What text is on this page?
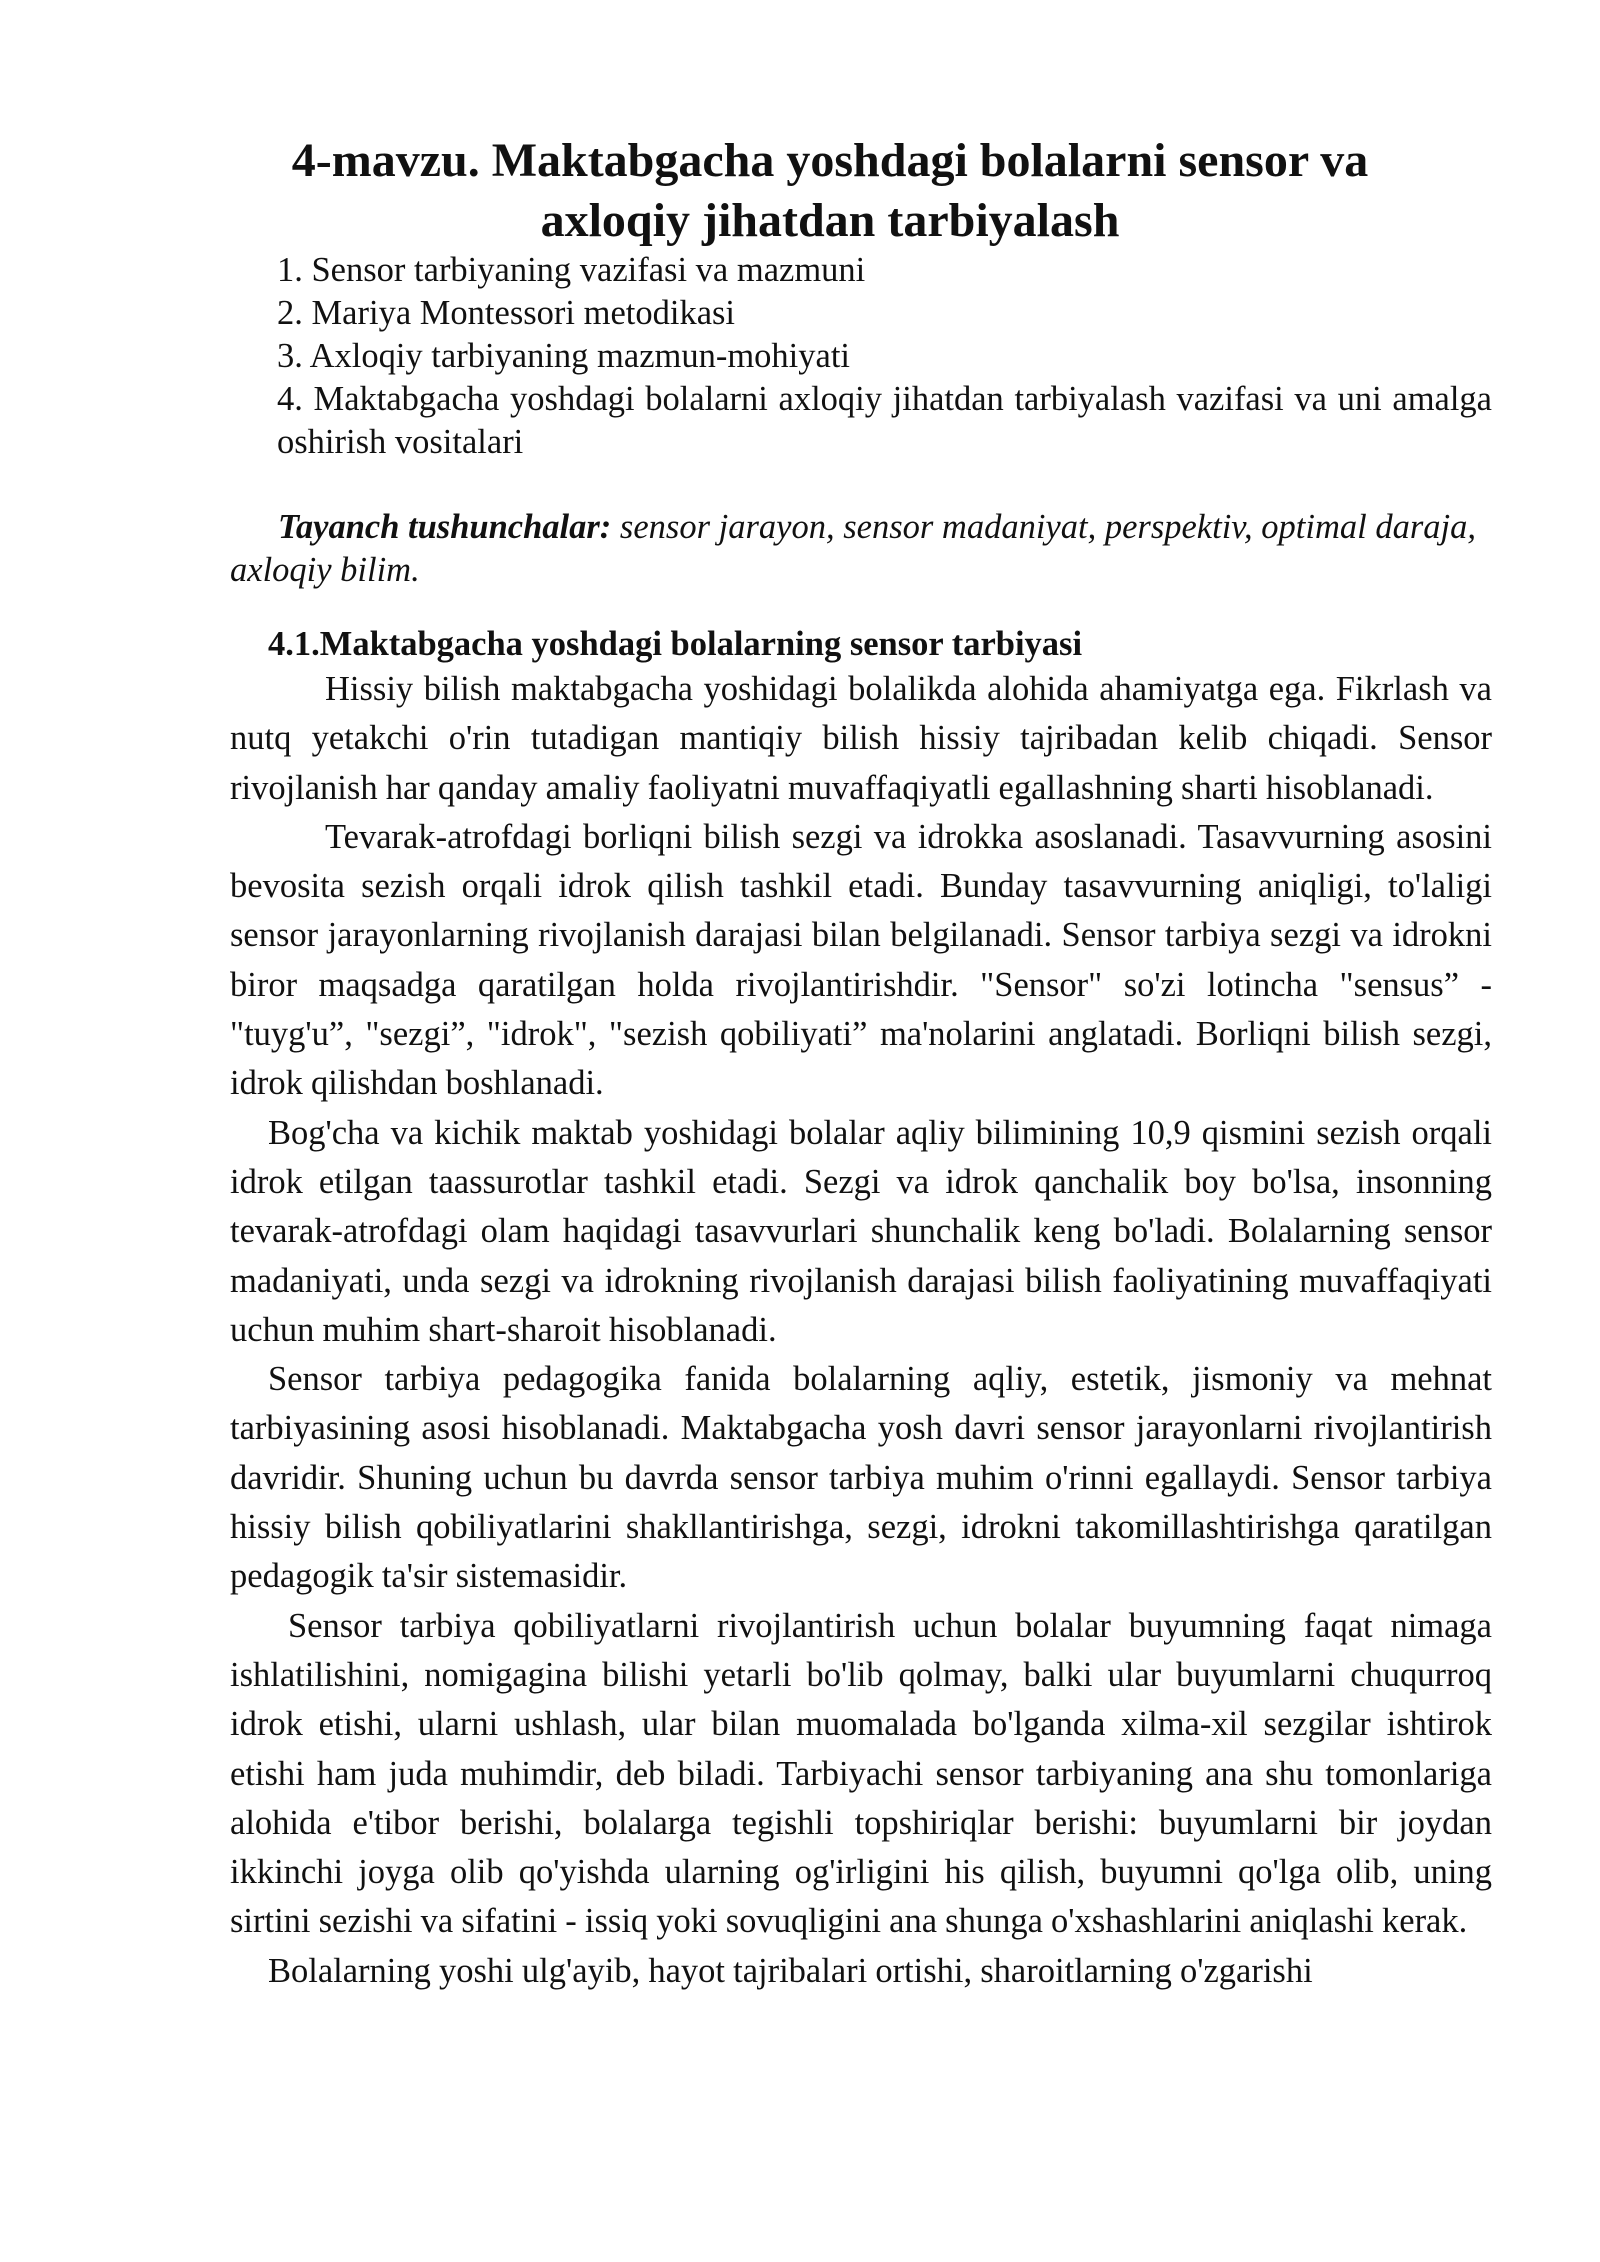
4-mavzu. Maktabgacha yoshdagi bolalarni sensor va
axloqiy jihatdan tarbiyalash
1. Sensor tarbiyaning vazifasi va mazmuni
2. Mariya Montessori metodikasi
3. Axloqiy tarbiyaning mazmun-mohiyati
4. Maktabgacha yoshdagi bolalarni axloqiy jihatdan tarbiyalash vazifasi va uni amalga oshirish vositalari

Tayanch tushunchalar: sensor jarayon, sensor madaniyat, perspektiv, optimal daraja, axloqiy bilim.

4.1.Maktabgacha yoshdagi bolalarning sensor tarbiyasi

Hissiy bilish maktabgacha yoshidagi bolalikda alohida ahamiyatga ega. Fikrlash va nutq yetakchi o'rin tutadigan mantiqiy bilish hissiy tajribadan kelib chiqadi. Sensor rivojlanish har qanday amaliy faoliyatni muvaffaqiyatli egallashning sharti hisoblanadi.

Tevarak-atrofdagi borliqni bilish sezgi va idrokka asoslanadi. Tasavvurning asosini bevosita sezish orqali idrok qilish tashkil etadi. Bunday tasavvurning aniqligi, to'laligi sensor jarayonlarning rivojlanish darajasi bilan belgilanadi. Sensor tarbiya sezgi va idrokni biror maqsadga qaratilgan holda rivojlantirishdir. "Sensor" so'zi lotincha "sensus” - "tuyg'u”, "sezgi”, "idrok", "sezish qobiliyati” ma'nolarini anglatadi. Borliqni bilish sezgi, idrok qilishdan boshlanadi.

Bog'cha va kichik maktab yoshidagi bolalar aqliy bilimining 10,9 qismini sezish orqali idrok etilgan taassurotlar tashkil etadi. Sezgi va idrok qanchalik boy bo'lsa, insonning tevarak-atrofdagi olam haqidagi tasavvurlari shunchalik keng bo'ladi. Bolalarning sensor madaniyati, unda sezgi va idrokning rivojlanish darajasi bilish faoliyatining muvaffaqiyati uchun muhim shart-sharoit hisoblanadi.

Sensor tarbiya pedagogika fanida bolalarning aqliy, estetik, jismoniy va mehnat tarbiyasining asosi hisoblanadi. Maktabgacha yosh davri sensor jarayonlarni rivojlantirish davridir. Shuning uchun bu davrda sensor tarbiya muhim o'rinni egallaydi. Sensor tarbiya hissiy bilish qobiliyatlarini shakllantirishga, sezgi, idrokni takomillashtirishga qaratilgan pedagogik ta'sir sistemasidir.

Sensor tarbiya qobiliyatlarni rivojlantirish uchun bolalar buyumning faqat nimaga ishlatilishini, nomigagina bilishi yetarli bo'lib qolmay, balki ular buyumlarni chuqurroq idrok etishi, ularni ushlash, ular bilan muomalada bo'lganda xilma-xil sezgilar ishtirok etishi ham juda muhimdir, deb biladi. Tarbiyachi sensor tarbiyaning ana shu tomonlariga alohida e'tibor berishi, bolalarga tegishli topshiriqlar berishi: buyumlarni bir joydan ikkinchi joyga olib qo'yishda ularning og'irligini his qilish, buyumni qo'lga olib, uning sirtini sezishi va sifatini - issiq yoki sovuqligini ana shunga o'xshashlarini aniqlashi kerak.

Bolalarning yoshi ulg'ayib, hayot tajribalari ortishi, sharoitlarning o'zgarishi
